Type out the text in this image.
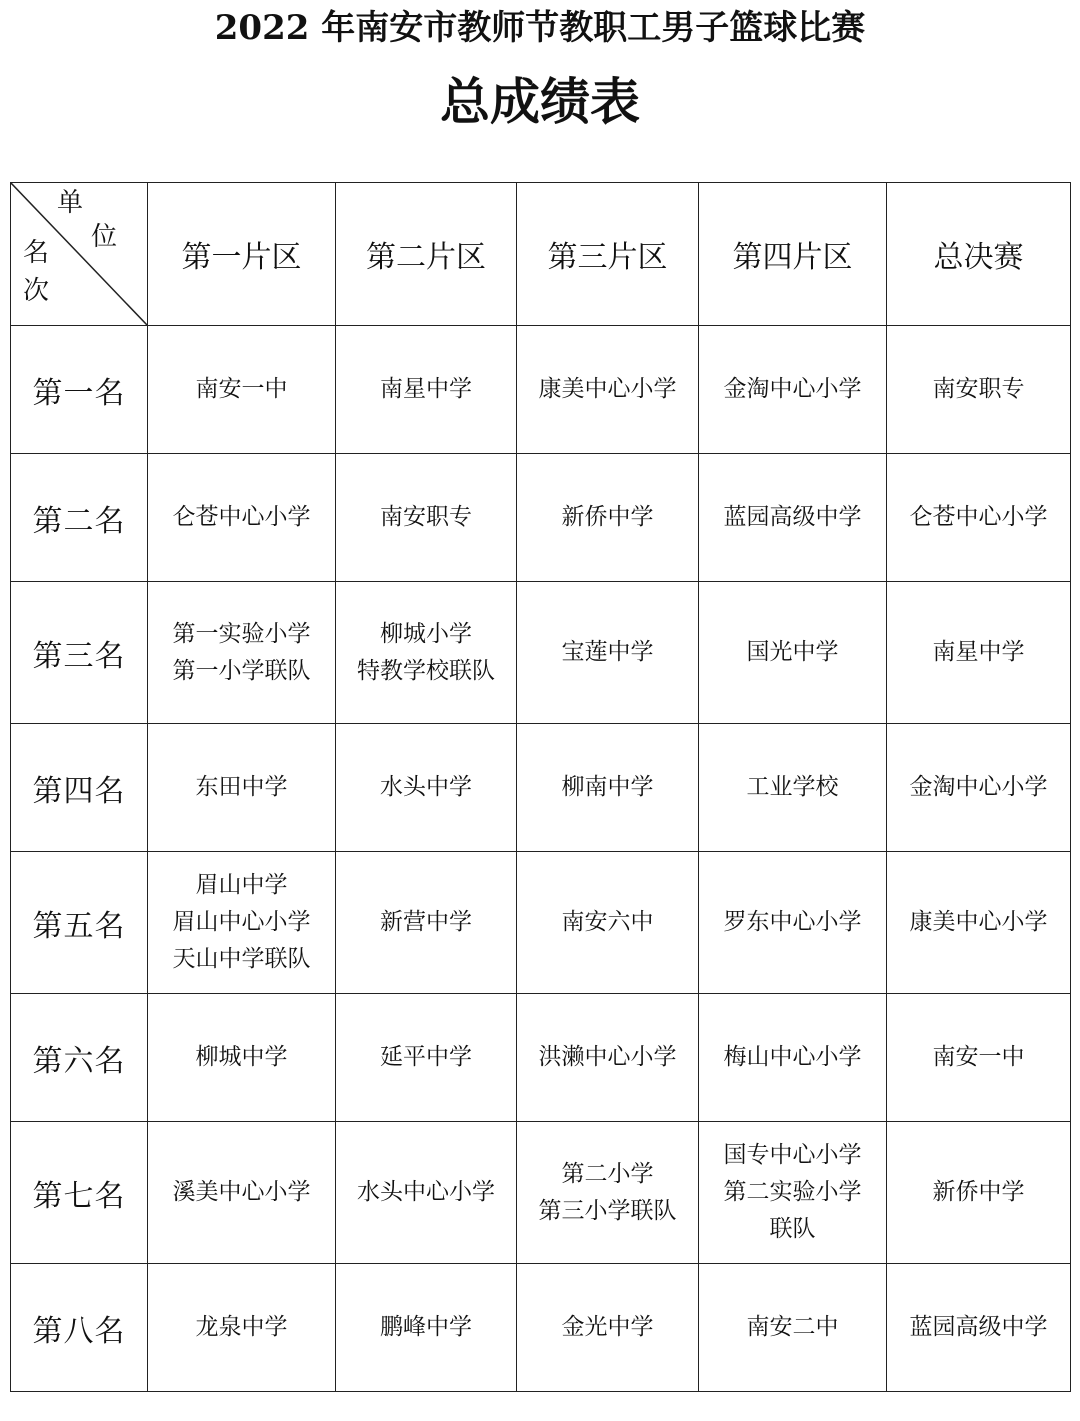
2022 年南安市教师节教职工男子篮球比赛
总成绩表
单
位
名
次	第一片区	第二片区	第三片区	第四片区	总决赛
第一名	南安一中	南星中学	康美中心小学	金淘中心小学	南安职专

第二名	仑苍中心小学	南安职专	新侨中学	蓝园高级中学	仑苍中心小学

第三名	第一实验小学
第一小学联队	柳城小学
特教学校联队	宝莲中学	国光中学	南星中学

第四名	东田中学	水头中学	柳南中学	工业学校	金淘中心小学

第五名	眉山中学
眉山中心小学
天山中学联队	新营中学	南安六中	罗东中心小学	康美中心小学

第六名	柳城中学	延平中学	洪濑中心小学	梅山中心小学	南安一中

第七名	溪美中心小学	水头中心小学	第二小学
第三小学联队	国专中心小学
第二实验小学
联队	新侨中学

第八名	龙泉中学	鹏峰中学	金光中学	南安二中	蓝园高级中学
